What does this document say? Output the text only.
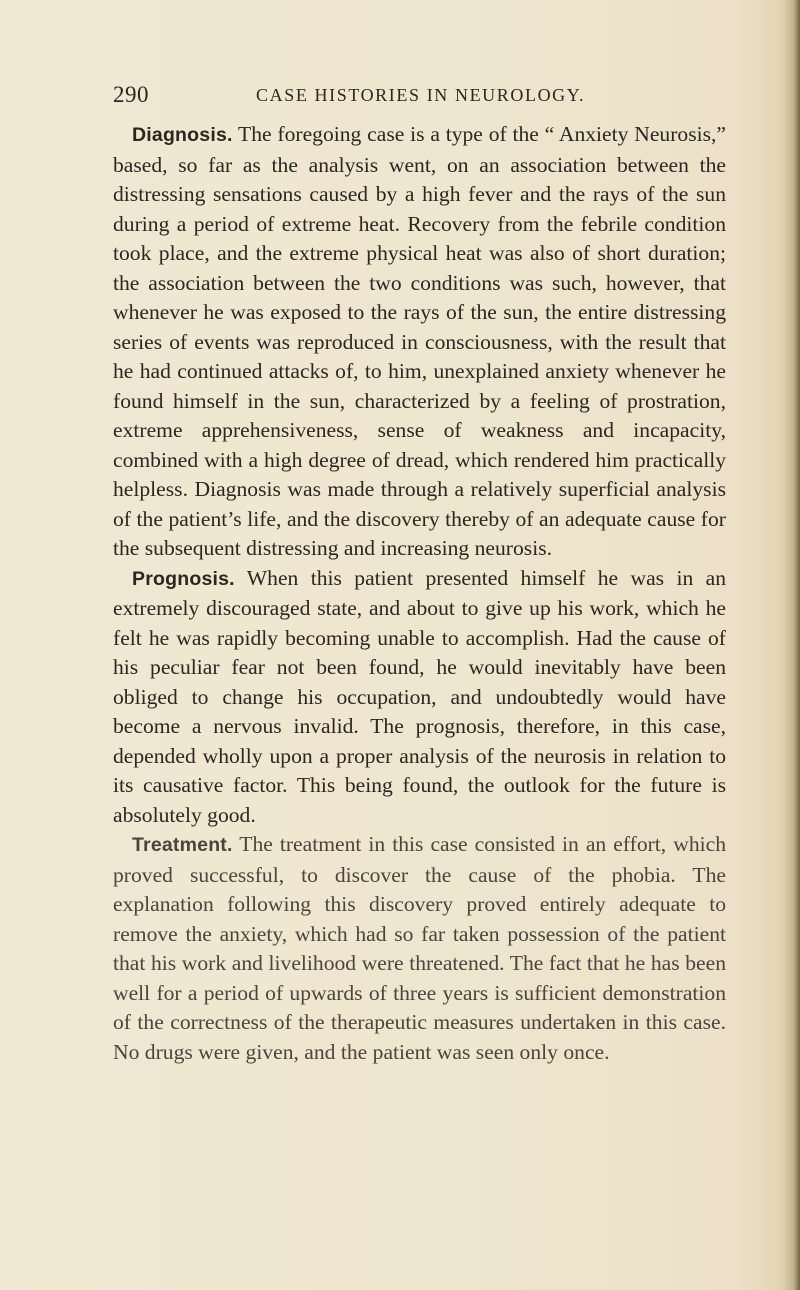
290	CASE HISTORIES IN NEUROLOGY.

Diagnosis. The foregoing case is a type of the “ Anxiety Neurosis,” based, so far as the analysis went, on an association between the distressing sensations caused by a high fever and the rays of the sun during a period of extreme heat. Recovery from the febrile condition took place, and the extreme physical heat was also of short duration; the association between the two conditions was such, however, that whenever he was exposed to the rays of the sun, the entire distressing series of events was reproduced in consciousness, with the result that he had continued attacks of, to him, unexplained anxiety whenever he found himself in the sun, characterized by a feeling of prostration, extreme apprehensiveness, sense of weakness and incapacity, combined with a high degree of dread, which rendered him practically helpless. Diagnosis was made through a relatively superficial analysis of the patient’s life, and the discovery thereby of an adequate cause for the subsequent distressing and increasing neurosis.

Prognosis. When this patient presented himself he was in an extremely discouraged state, and about to give up his work, which he felt he was rapidly becoming unable to accomplish. Had the cause of his peculiar fear not been found, he would inevitably have been obliged to change his occupation, and undoubtedly would have become a nervous invalid. The prognosis, therefore, in this case, depended wholly upon a proper analysis of the neurosis in relation to its causative factor. This being found, the outlook for the future is absolutely good.

Treatment. The treatment in this case consisted in an effort, which proved successful, to discover the cause of the phobia. The explanation following this discovery proved entirely adequate to remove the anxiety, which had so far taken possession of the patient that his work and livelihood were threatened. The fact that he has been well for a period of upwards of three years is sufficient demonstration of the correctness of the therapeutic measures undertaken in this case. No drugs were given, and the patient was seen only once.
